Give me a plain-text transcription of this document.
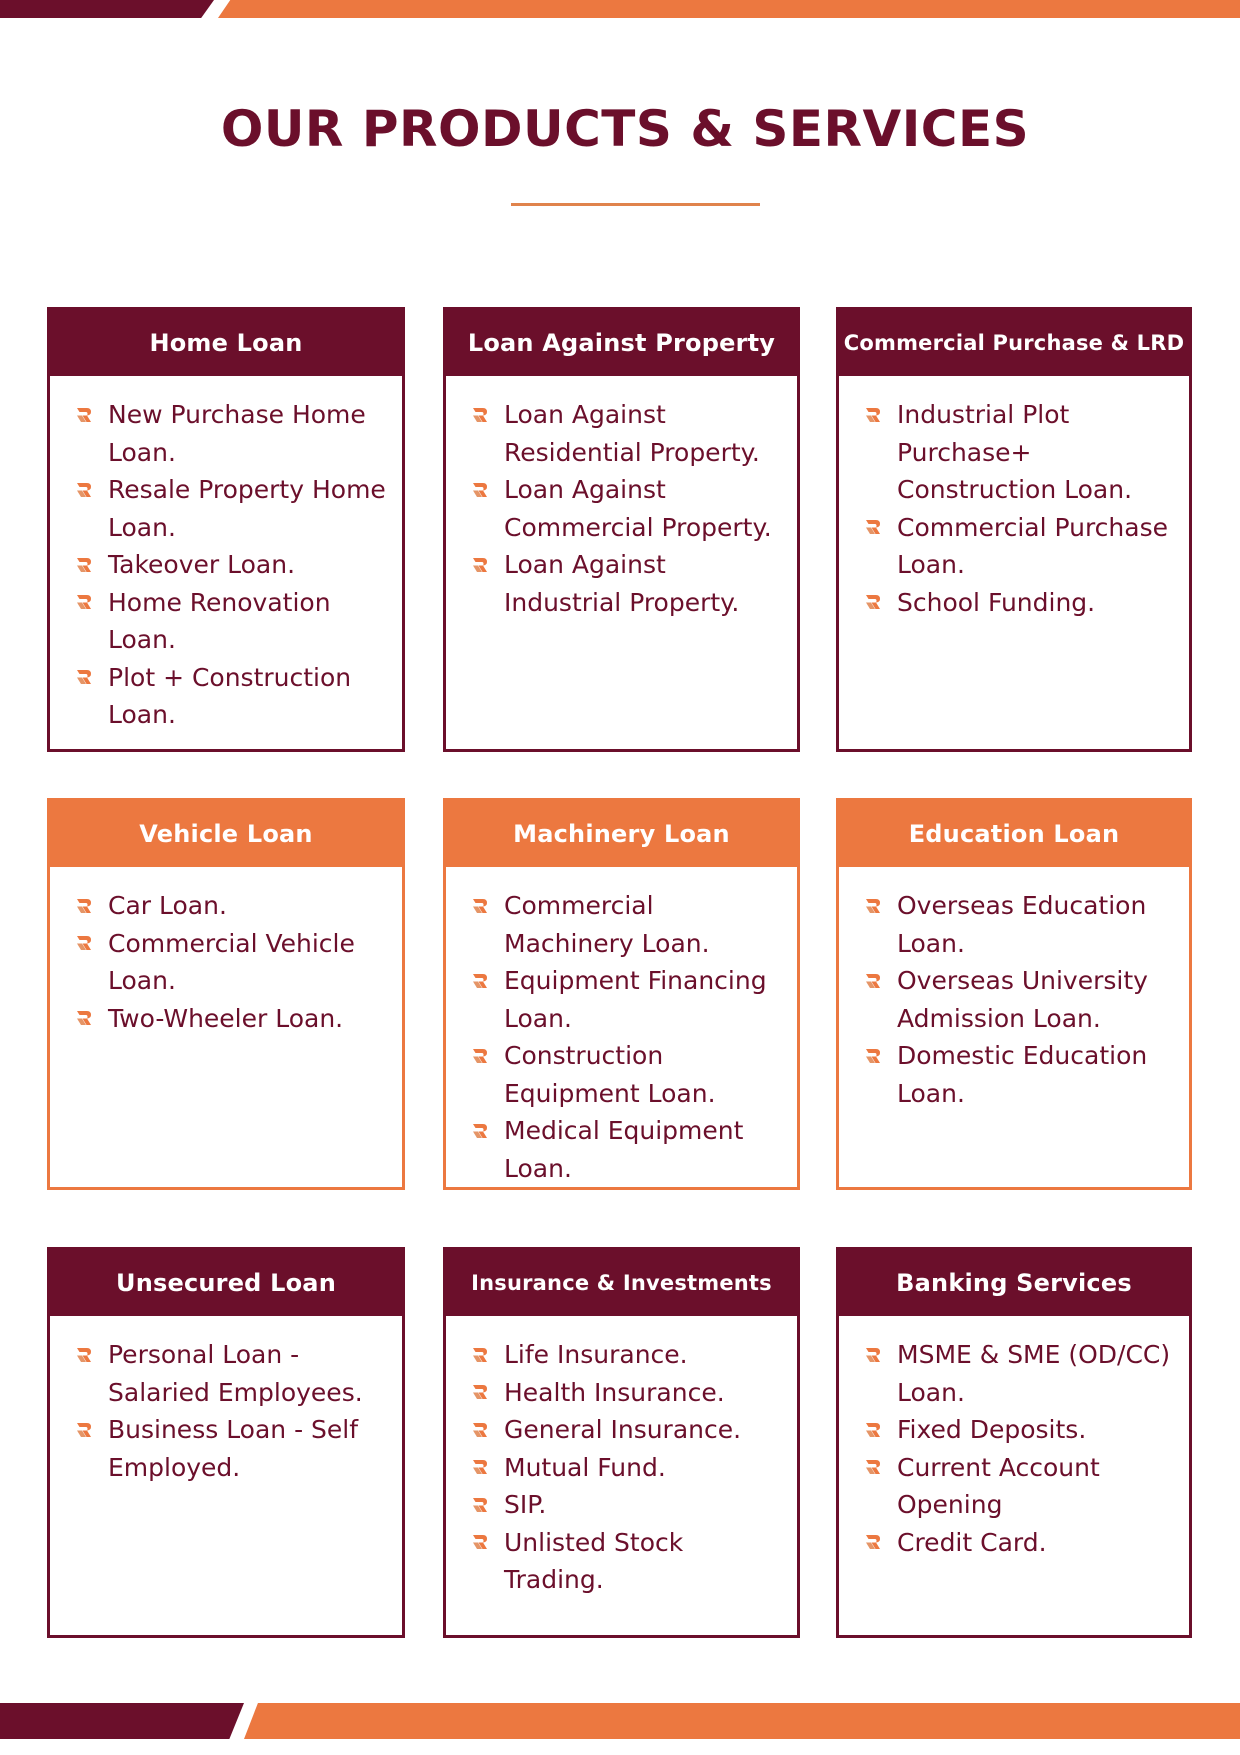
OUR PRODUCTS & SERVICES
Home Loan
New Purchase Home Loan.
Resale Property Home Loan.
Takeover Loan.
Home Renovation Loan.
Plot + Construction Loan.
Loan Against Property
Loan Against Residential Property.
Loan Against Commercial Property.
Loan Against Industrial Property.
Commercial Purchase & LRD
Industrial Plot Purchase+ Construction Loan.
Commercial Purchase Loan.
School Funding.
Vehicle Loan
Car Loan.
Commercial Vehicle Loan.
Two-Wheeler Loan.
Machinery Loan
Commercial Machinery Loan.
Equipment Financing Loan.
Construction Equipment Loan.
Medical Equipment Loan.
Education Loan
Overseas Education Loan.
Overseas University Admission Loan.
Domestic Education Loan.
Unsecured Loan
Personal Loan - Salaried Employees.
Business Loan - Self Employed.
Insurance & Investments
Life Insurance.
Health Insurance.
General Insurance.
Mutual Fund.
SIP.
Unlisted Stock Trading.
Banking Services
MSME & SME (OD/CC) Loan.
Fixed Deposits.
Current Account Opening
Credit Card.
